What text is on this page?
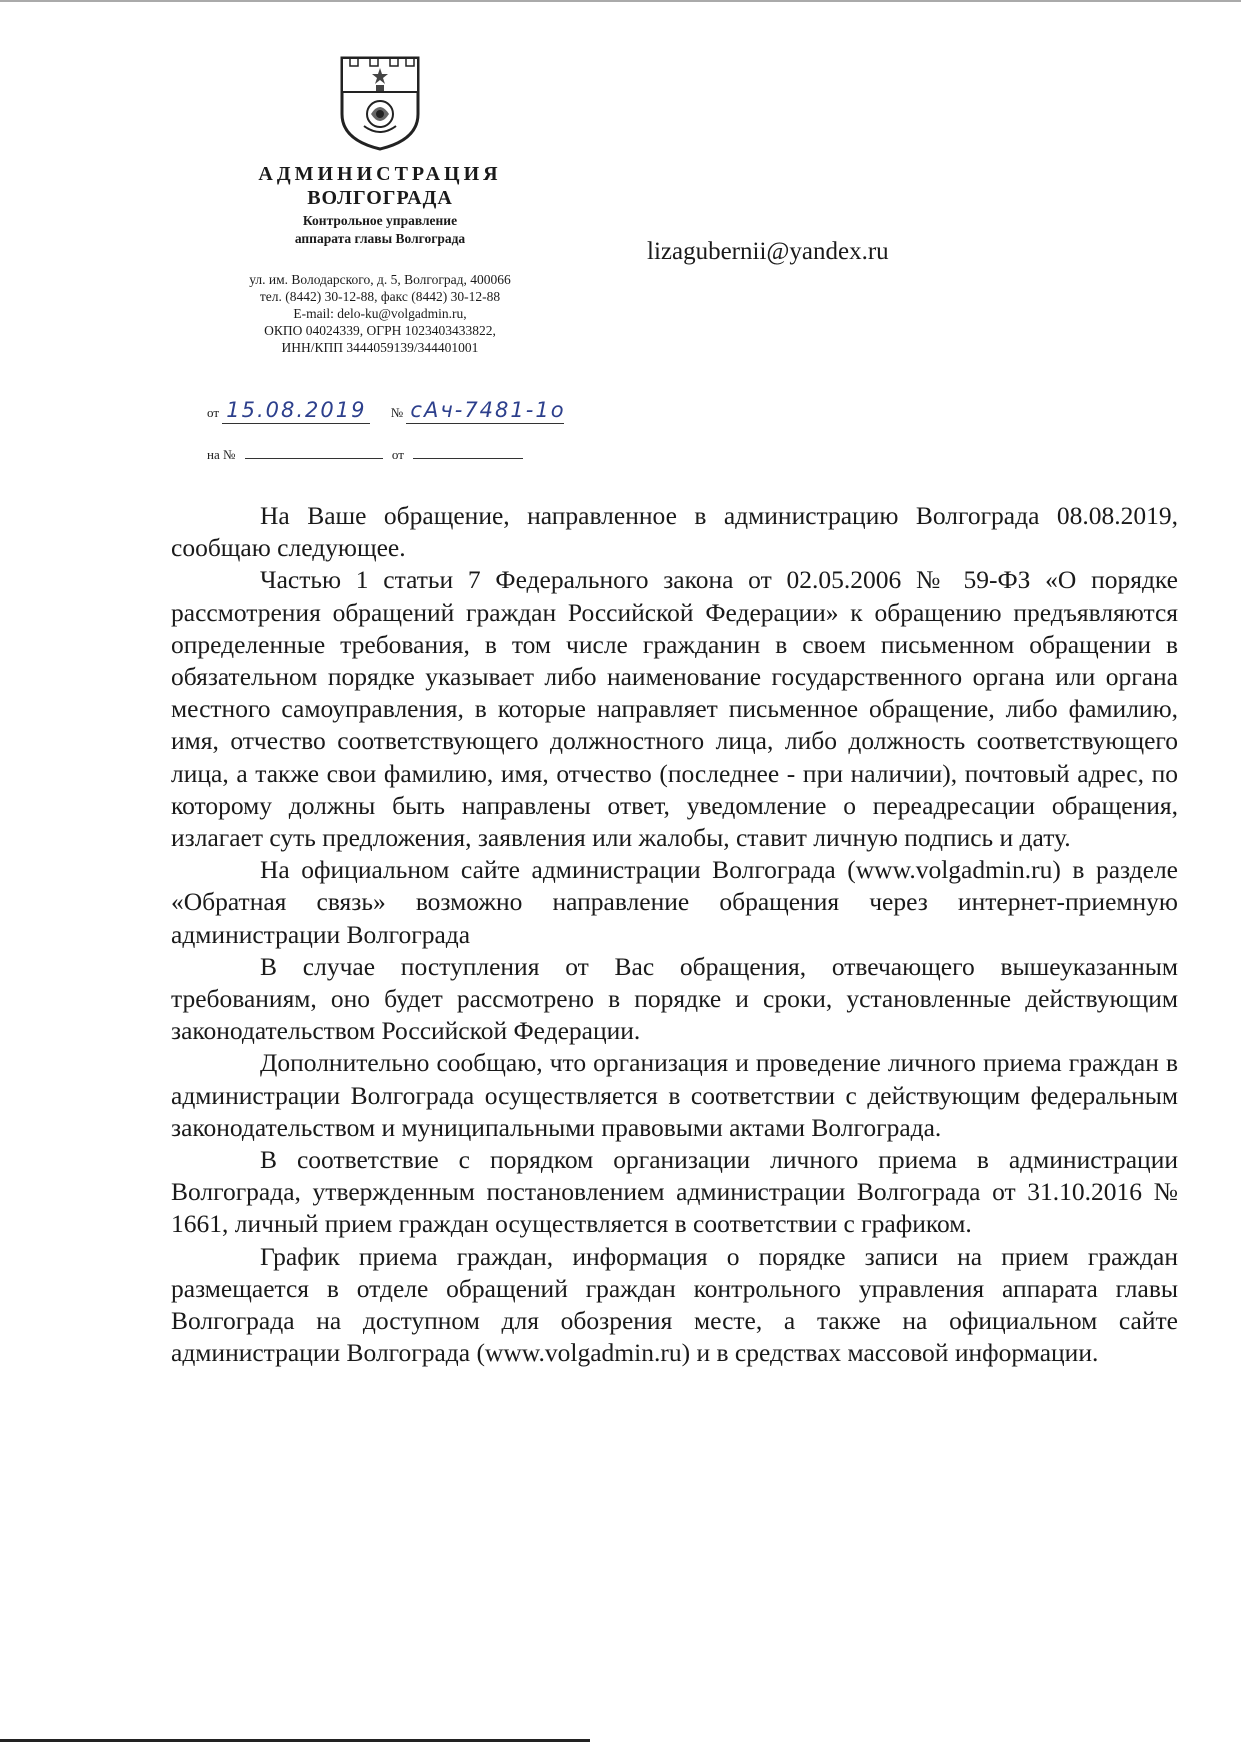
АДМИНИСТРАЦИЯ
ВОЛГОГРАДА
Контрольное управление
аппарата главы Волгограда
ул. им. Володарского, д. 5, Волгоград, 400066
тел. (8442) 30-12-88, факс (8442) 30-12-88
E-mail: delo-ku@volgadmin.ru,
ОКПО 04024339, ОГРН 1023403433822,
ИНН/КПП 3444059139/344401001
lizagubernii@yandex.ru
от 15.08.2019 № сАч-7481-1о
на №	от

На Ваше обращение, направленное в администрацию Волгограда 08.08.2019, сообщаю следующее.

Частью 1 статьи 7 Федерального закона от 02.05.2006 № 59-ФЗ «О порядке рассмотрения обращений граждан Российской Федерации» к обращению предъявляются определенные требования, в том числе гражданин в своем письменном обращении в обязательном порядке указывает либо наименование государственного органа или органа местного самоуправления, в которые направляет письменное обращение, либо фамилию, имя, отчество соответствующего должностного лица, либо должность соответствующего лица, а также свои фамилию, имя, отчество (последнее - при наличии), почтовый адрес, по которому должны быть направлены ответ, уведомление о переадресации обращения, излагает суть предложения, заявления или жалобы, ставит личную подпись и дату.

На официальном сайте администрации Волгограда (www.volgadmin.ru) в разделе «Обратная связь» возможно направление обращения через интернет-приемную администрации Волгограда

В случае поступления от Вас обращения, отвечающего вышеуказанным требованиям, оно будет рассмотрено в порядке и сроки, установленные действующим законодательством Российской Федерации.

Дополнительно сообщаю, что организация и проведение личного приема граждан в администрации Волгограда осуществляется в соответствии с действующим федеральным законодательством и муниципальными правовыми актами Волгограда.

В соответствие с порядком организации личного приема в администрации Волгограда, утвержденным постановлением администрации Волгограда от 31.10.2016 № 1661, личный прием граждан осуществляется в соответствии с графиком.

График приема граждан, информация о порядке записи на прием граждан размещается в отделе обращений граждан контрольного управления аппарата главы Волгограда на доступном для обозрения месте, а также на официальном сайте администрации Волгограда (www.volgadmin.ru) и в средствах массовой информации.
